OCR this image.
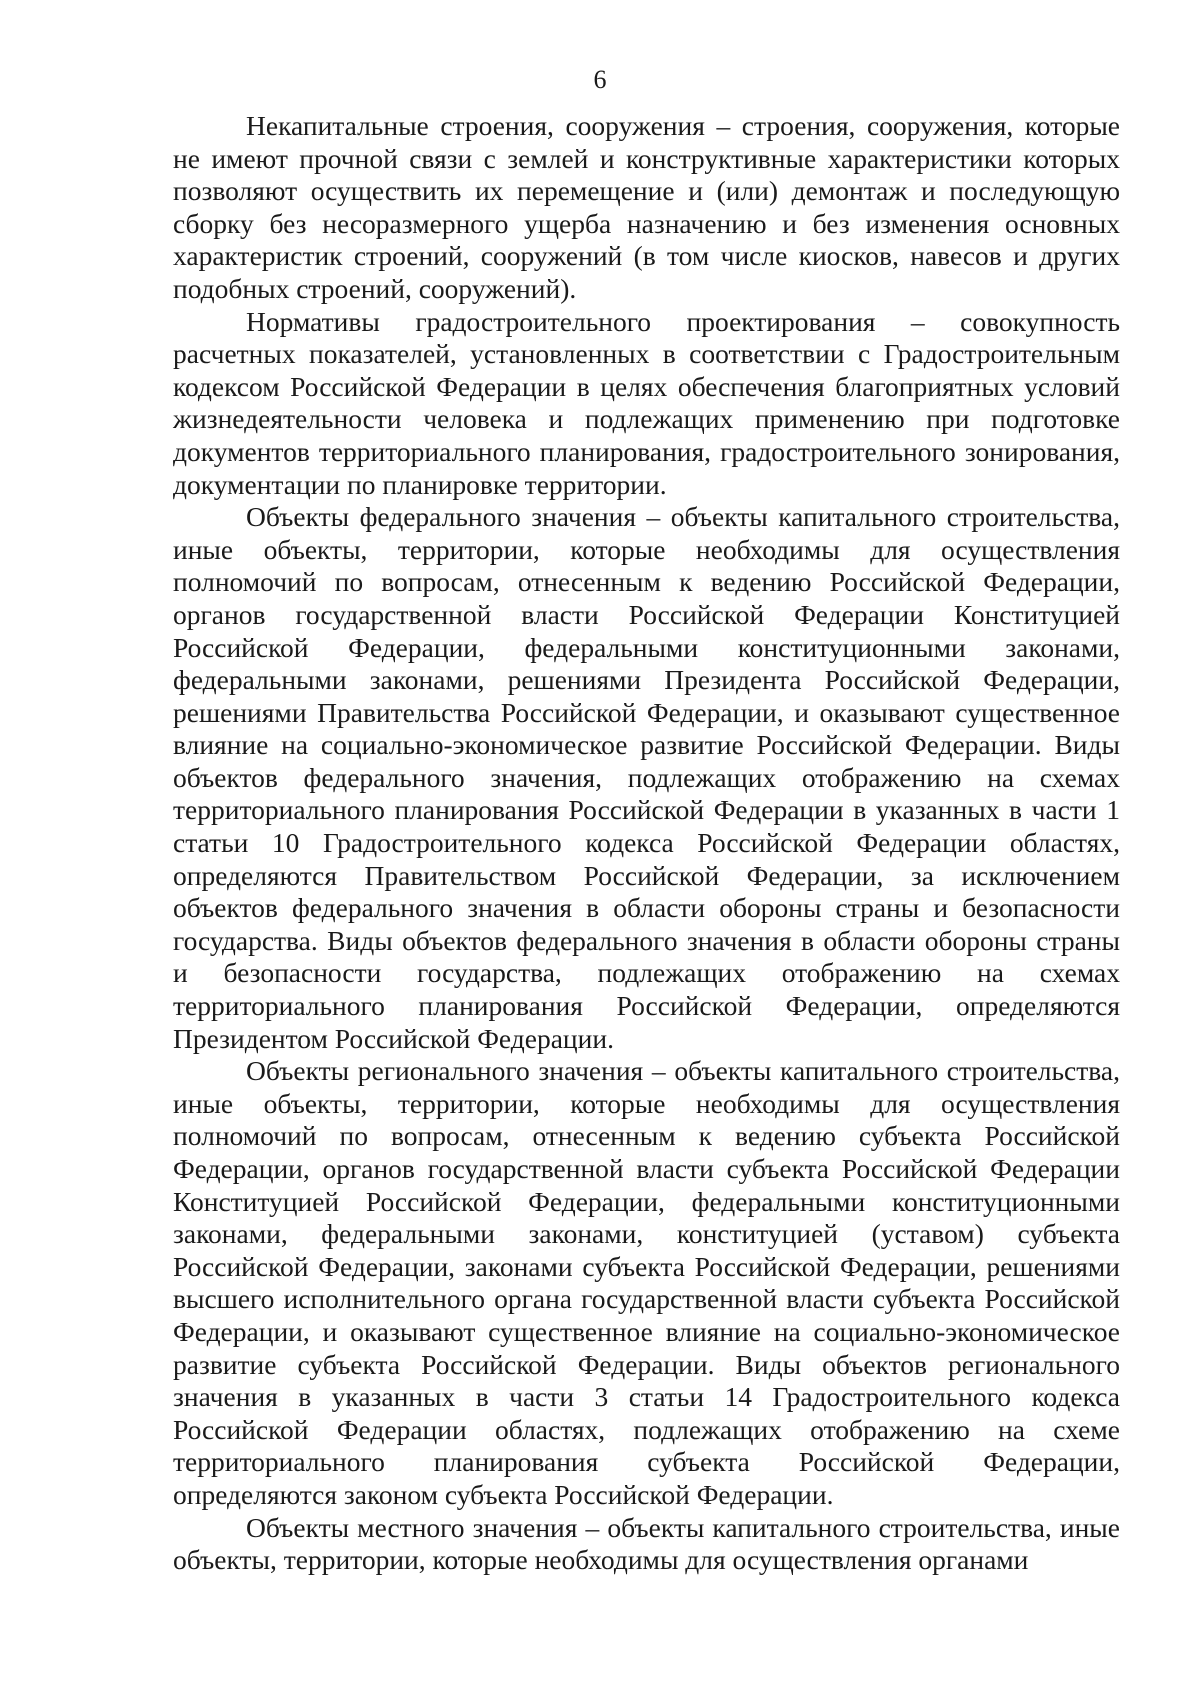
6

Некапитальные строения, сооружения – строения, сооружения, которые не имеют прочной связи с землей и конструктивные характеристики которых позволяют осуществить их перемещение и (или) демонтаж и последующую сборку без несоразмерного ущерба назначению и без изменения основных характеристик строений, сооружений (в том числе киосков, навесов и других подобных строений, сооружений).

Нормативы градостроительного проектирования – совокупность расчетных показателей, установленных в соответствии с Градостроительным кодексом Российской Федерации в целях обеспечения благоприятных условий жизнедеятельности человека и подлежащих применению при подготовке документов территориального планирования, градостроительного зонирования, документации по планировке территории.

Объекты федерального значения – объекты капитального строительства, иные объекты, территории, которые необходимы для осуществления полномочий по вопросам, отнесенным к ведению Российской Федерации, органов государственной власти Российской Федерации Конституцией Российской Федерации, федеральными конституционными законами, федеральными законами, решениями Президента Российской Федерации, решениями Правительства Российской Федерации, и оказывают существенное влияние на социально-экономическое развитие Российской Федерации. Виды объектов федерального значения, подлежащих отображению на схемах территориального планирования Российской Федерации в указанных в части 1 статьи 10 Градостроительного кодекса Российской Федерации областях, определяются Правительством Российской Федерации, за исключением объектов федерального значения в области обороны страны и безопасности государства. Виды объектов федерального значения в области обороны страны и безопасности государства, подлежащих отображению на схемах территориального планирования Российской Федерации, определяются Президентом Российской Федерации.

Объекты регионального значения – объекты капитального строительства, иные объекты, территории, которые необходимы для осуществления полномочий по вопросам, отнесенным к ведению субъекта Российской Федерации, органов государственной власти субъекта Российской Федерации Конституцией Российской Федерации, федеральными конституционными законами, федеральными законами, конституцией (уставом) субъекта Российской Федерации, законами субъекта Российской Федерации, решениями высшего исполнительного органа государственной власти субъекта Российской Федерации, и оказывают существенное влияние на социально-экономическое развитие субъекта Российской Федерации. Виды объектов регионального значения в указанных в части 3 статьи 14 Градостроительного кодекса Российской Федерации областях, подлежащих отображению на схеме территориального планирования субъекта Российской Федерации, определяются законом субъекта Российской Федерации.

Объекты местного значения – объекты капитального строительства, иные объекты, территории, которые необходимы для осуществления органами
